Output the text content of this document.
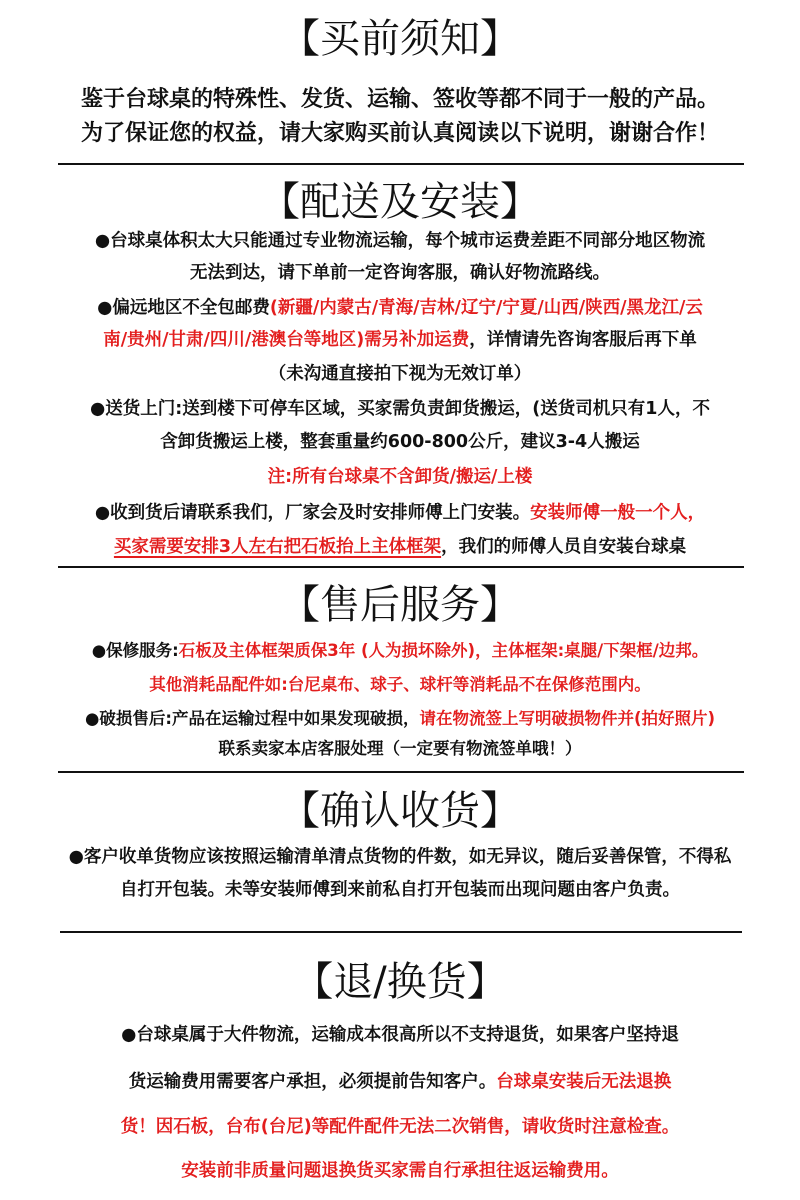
【买前须知】
鉴于台球桌的特殊性、发货、运输、签收等都不同于一般的产品。
为了保证您的权益，请大家购买前认真阅读以下说明，谢谢合作！
【配送及安装】
●台球桌体积太大只能通过专业物流运输，每个城市运费差距不同部分地区物流
无法到达，请下单前一定咨询客服，确认好物流路线。
●偏远地区不全包邮费(新疆/内蒙古/青海/吉林/辽宁/宁夏/山西/陕西/黑龙江/云
南/贵州/甘肃/四川/港澳台等地区)需另补加运费，详情请先咨询客服后再下单
（未沟通直接拍下视为无效订单）
●送货上门:送到楼下可停车区域，买家需负责卸货搬运，(送货司机只有1人，不
含卸货搬运上楼，整套重量约600-800公斤，建议3-4人搬运
注:所有台球桌不含卸货/搬运/上楼
●收到货后请联系我们，厂家会及时安排师傅上门安装。安装师傅一般一个人，
买家需要安排3人左右把石板抬上主体框架，我们的师傅人员自安装台球桌
【售后服务】
●保修服务:石板及主体框架质保3年 (人为损坏除外)，主体框架:桌腿/下架框/边邦。
其他消耗品配件如:台尼桌布、球子、球杆等消耗品不在保修范围内。
●破损售后:产品在运输过程中如果发现破损，请在物流签上写明破损物件并(拍好照片)
联系卖家本店客服处理（一定要有物流签单哦！）
【确认收货】
●客户收单货物应该按照运输清单清点货物的件数，如无异议，随后妥善保管，不得私
自打开包装。未等安装师傅到来前私自打开包装而出现问题由客户负责。
【退/换货】
●台球桌属于大件物流，运输成本很高所以不支持退货，如果客户坚持退
货运输费用需要客户承担，必须提前告知客户。台球桌安装后无法退换
货！因石板，台布(台尼)等配件配件无法二次销售，请收货时注意检查。
安装前非质量问题退换货买家需自行承担往返运输费用。
